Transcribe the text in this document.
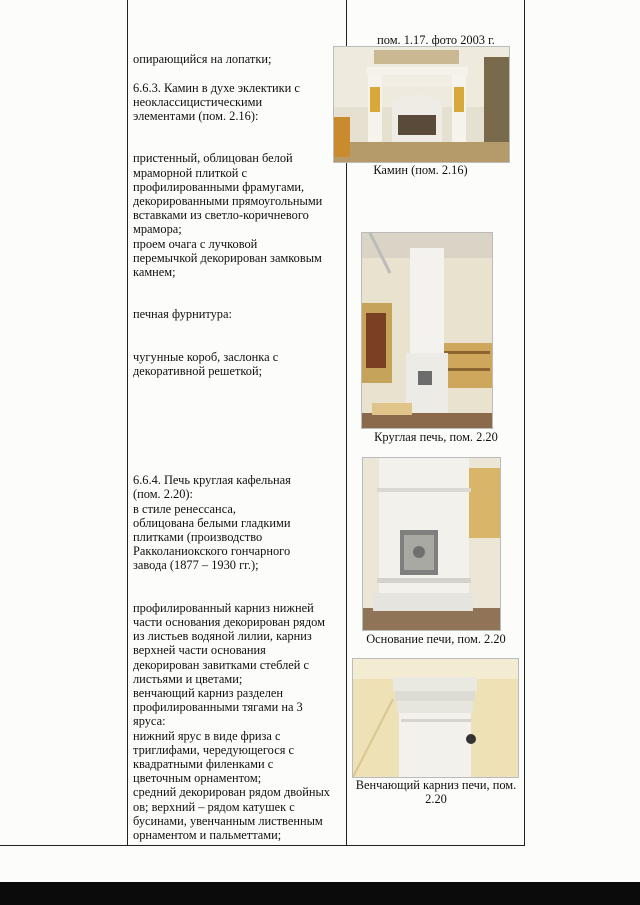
опирающийся на лопатки;

6.6.3. Камин в духе эклектики с неоклассицистическими элементами (пом. 2.16):

пристенный, облицован белой мраморной плиткой с профилированными фрамугами, декорированными прямоугольными вставками из светло-коричневого мрамора;
проем очага с лучковой перемычкой декорирован замковым камнем;

печная фурнитура:

чугунные короб, заслонка с декоративной решеткой;

6.6.4. Печь круглая кафельная (пом. 2.20):
в стиле ренессанса,
облицована белыми гладкими плитками (производство Ракколаниокского гончарного завода (1877 – 1930 гг.);

профилированный карниз нижней части основания декорирован рядом из листьев водяной лилии, карниз верхней части основания декорирован завитками стеблей с листьями и цветами;
венчающий карниз разделен профилированными тягами на 3 яруса:
нижний ярус в виде фриза с триглифами, чередующегося с квадратными филенками с цветочным орнаментом;
средний декорирован рядом двойных ов; верхний – рядом катушек с бусинами, увенчанным лиственным орнаментом и пальметтами;

пом. 1.17. фото 2003 г.
Камин (пом. 2.16)
Круглая печь, пом. 2.20
Основание печи, пом. 2.20
Венчающий карниз печи, пом. 2.20
